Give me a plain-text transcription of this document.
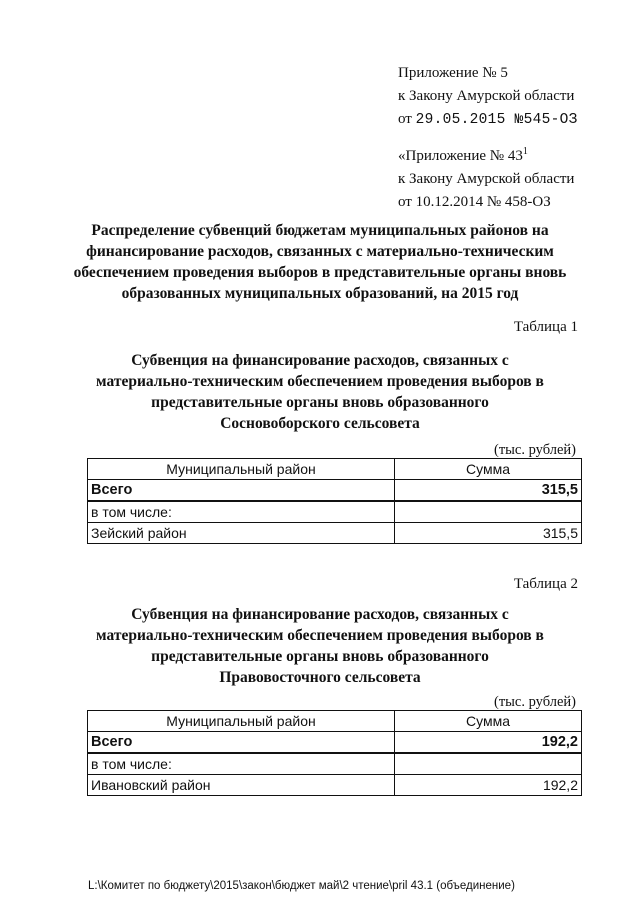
Приложение № 5
к Закону Амурской области
от 29.05.2015 №545-ОЗ
«Приложение № $43^1$
к Закону Амурской области
от 10.12.2014 № 458-ОЗ
Распределение субвенций бюджетам муниципальных районов на финансирование расходов, связанных с материально-техническим обеспечением проведения выборов в представительные органы вновь образованных муниципальных образований, на 2015 год
Таблица 1
Субвенция на финансирование расходов, связанных с материально-техническим обеспечением проведения выборов в представительные органы вновь образованного Сосновоборского сельсовета
(тыс. рублей)
Муниципальный район	Сумма
Всего	315,5
в том числе:	
Зейский район	315,5
Таблица 2
Субвенция на финансирование расходов, связанных с материально-техническим обеспечением проведения выборов в представительные органы вновь образованного Правовосточного сельсовета
(тыс. рублей)
Муниципальный район	Сумма
Всего	192,2
в том числе:	
Ивановский район	192,2
L:\Комитет по бюджету\2015\закон\бюджет май\2 чтение\pril 43.1 (объединение)
